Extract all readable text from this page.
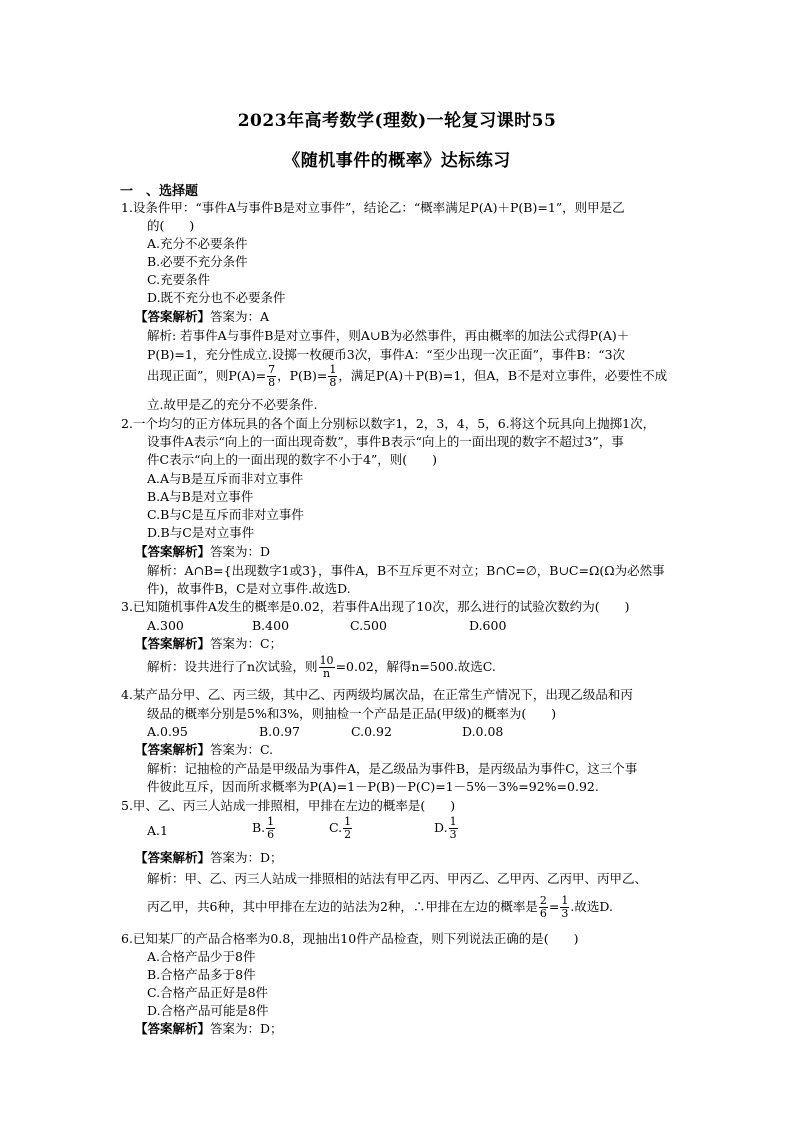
2023年高考数学(理数)一轮复习课时55
《随机事件的概率》达标练习
一　、选择题
1.设条件甲：“事件A与事件B是对立事件”，结论乙：“概率满足P(A)＋P(B)=1”，则甲是乙
的(　　)
A.充分不必要条件
B.必要不充分条件
C.充要条件
D.既不充分也不必要条件
【答案解析】答案为：A
解析: 若事件A与事件B是对立事件，则A∪B为必然事件，再由概率的加法公式得P(A)＋
P(B)=1，充分性成立.设掷一枚硬币3次，事件A：“至少出现一次正面”，事件B：“3次
出现正面”，则$P(A)= \frac{7}{8}$ ，$P(B)= \frac{1}{8}$ ，满足P(A)＋P(B)=1，但A，B不是对立事件，必要性不成
立.故甲是乙的充分不必要条件.
2.一个均匀的正方体玩具的各个面上分别标以数字1，2，3，4，5，6.将这个玩具向上抛掷1次，
设事件A表示“向上的一面出现奇数”，事件B表示“向上的一面出现的数字不超过3”，事
件C表示“向上的一面出现的数字不小于4”，则(　　)
A.A与B是互斥而非对立事件
B.A与B是对立事件
C.B与C是互斥而非对立事件
D.B与C是对立事件
【答案解析】答案为：D
解析：A∩B={出现数字1或3}，事件A，B不互斥更不对立；B∩C=∅，B∪C=Ω(Ω为必然事
件)，故事件B，C是对立事件.故选D.
3.已知随机事件A发生的概率是0.02，若事件A出现了10次，那么进行的试验次数约为(　　)
A.300	B.400	C.500	D.600
【答案解析】答案为：C；
解析：设共进行了n次试验，则 $\frac{10}{n} =0.02$，解得n=500.故选C.
4.某产品分甲、乙、丙三级，其中乙、丙两级均属次品，在正常生产情况下，出现乙级品和丙
级品的概率分别是5%和3%，则抽检一个产品是正品(甲级)的概率为(　　)
A.0.95	B.0.97	C.0.92	D.0.08
【答案解析】答案为：C.
解析：记抽检的产品是甲级品为事件A，是乙级品为事件B，是丙级品为事件C，这三个事
件彼此互斥，因而所求概率为P(A)=1－P(B)－P(C)=1－5%－3%=92%=0.92.
5.甲、乙、丙三人站成一排照相，甲排在左边的概率是(　　)
A.1	B. $\frac{1}{6}$	C. $\frac{1}{2}$	D. $\frac{1}{3}$
【答案解析】答案为：D；
解析：甲、乙、丙三人站成一排照相的站法有甲乙丙、甲丙乙、乙甲丙、乙丙甲、丙甲乙、
丙乙甲，共6种，其中甲排在左边的站法为2种，∴甲排在左边的概率是 $\frac{2}{6} = \frac{1}{3}$ .故选D.
6.已知某厂的产品合格率为0.8，现抽出10件产品检查，则下列说法正确的是(　　)
A.合格产品少于8件
B.合格产品多于8件
C.合格产品正好是8件
D.合格产品可能是8件
【答案解析】答案为：D；
